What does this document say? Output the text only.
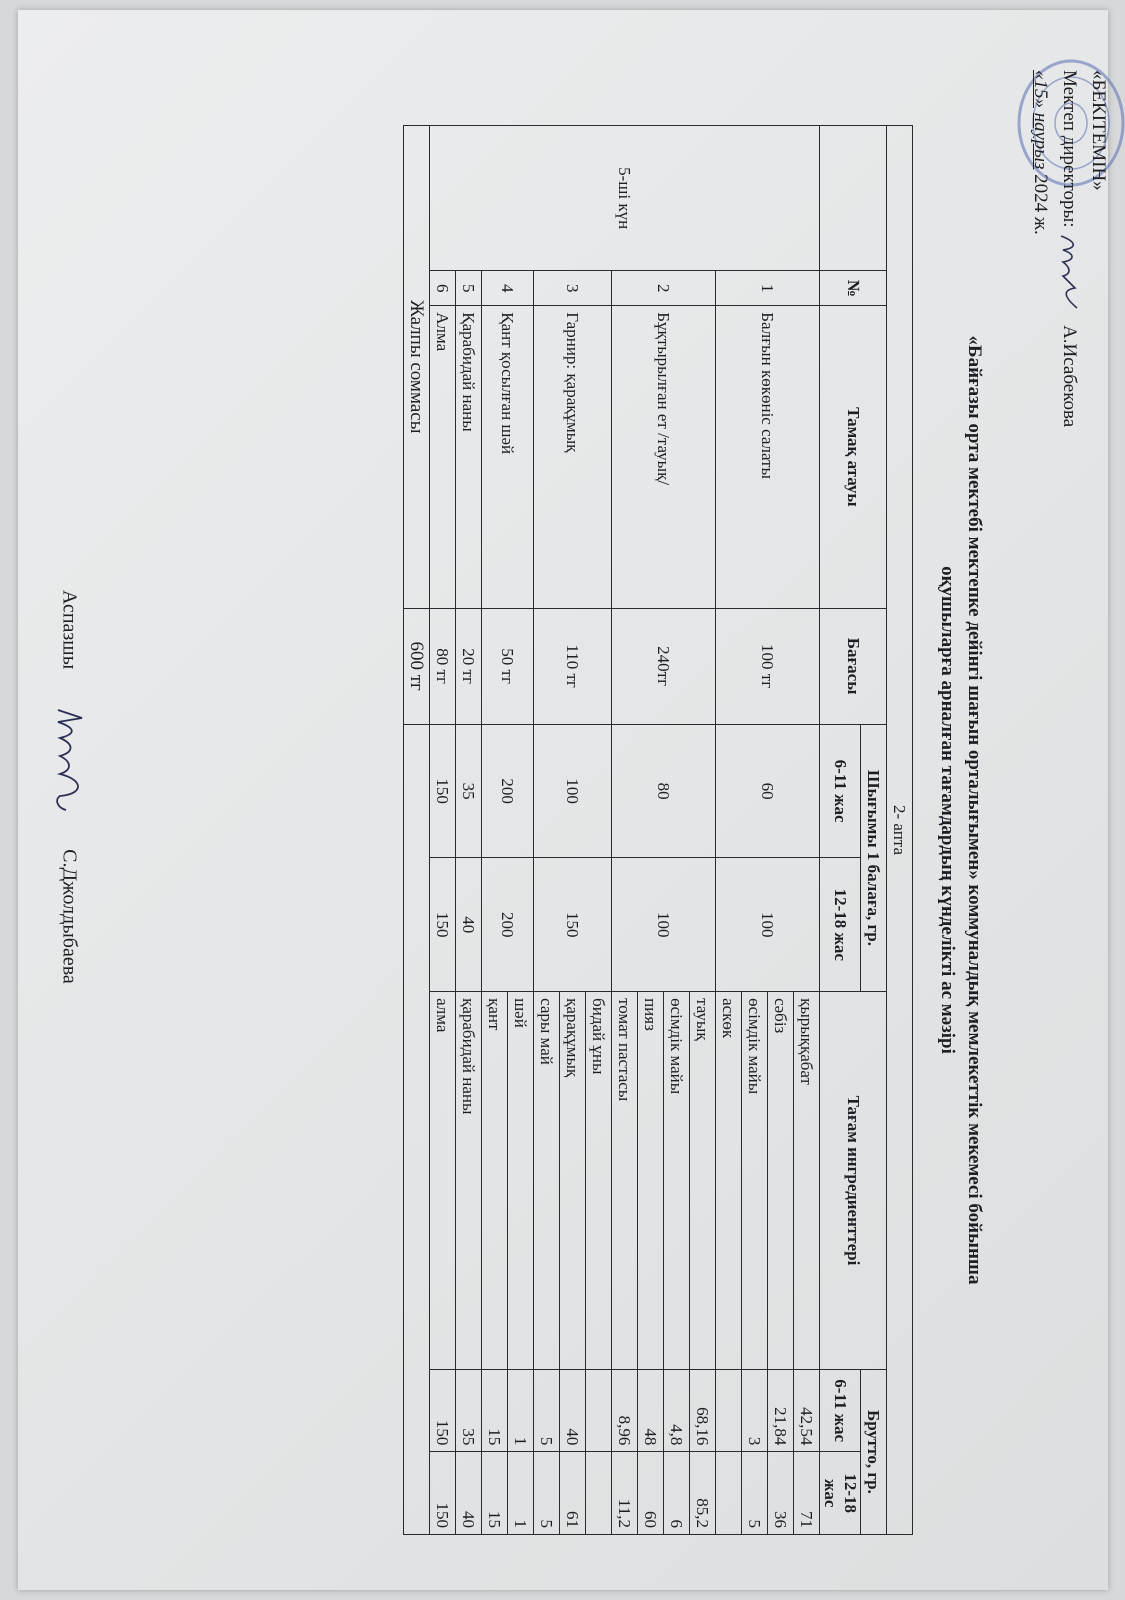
«БЕКІТЕМІН»
Мектеп директоры:  А.Исабекова
«15» наурыз 2024 ж.
«Байғазы орта мектебі мектепке дейінгі шағын орталығымен» коммуналдық мемлекеттік мекемесі бойынша
оқушыларға арналған тағамдардың күнделікті ас мәзірі
2- апта								
	№	Тамақ атауы	Бағасы	Шығымы 1 балаға, гр.		Тағам ингредиенттері	Брутто, гр.	
				6-11 жас	12-18 жас		6-11 жас	12-18 жас
5-ші күн	1	Балғын көкөніс салаты	100 тг	60	100	қырыққабат	42,54	71
						сәбіз	21,84	36
						өсімдік майы	3	5
						аскөк		
	2	Бұқтырылған ет /тауық/	240тг	80	100	тауық	68,16	85,2
						өсімдік майы	4,8	6
						пияз	48	60
						томат пастасы	8,96	11,2
	3	Гарнир: қарақұмық	110 тг	100	150	бидай ұны		
						қарақұмық	40	61
						сары май	5	5
	4	Қант қосылған шәй	50 тг	200	200	шәй	1	1
						қант	15	15
	5	Қарабидай наны	20 тг	35	40	қарабидай наны	35	40
	6	Алма	80 тг	150	150	алма	150	150
Жалпы соммасы			600 тг					
Аспазшы  С.Джолдыбаева
